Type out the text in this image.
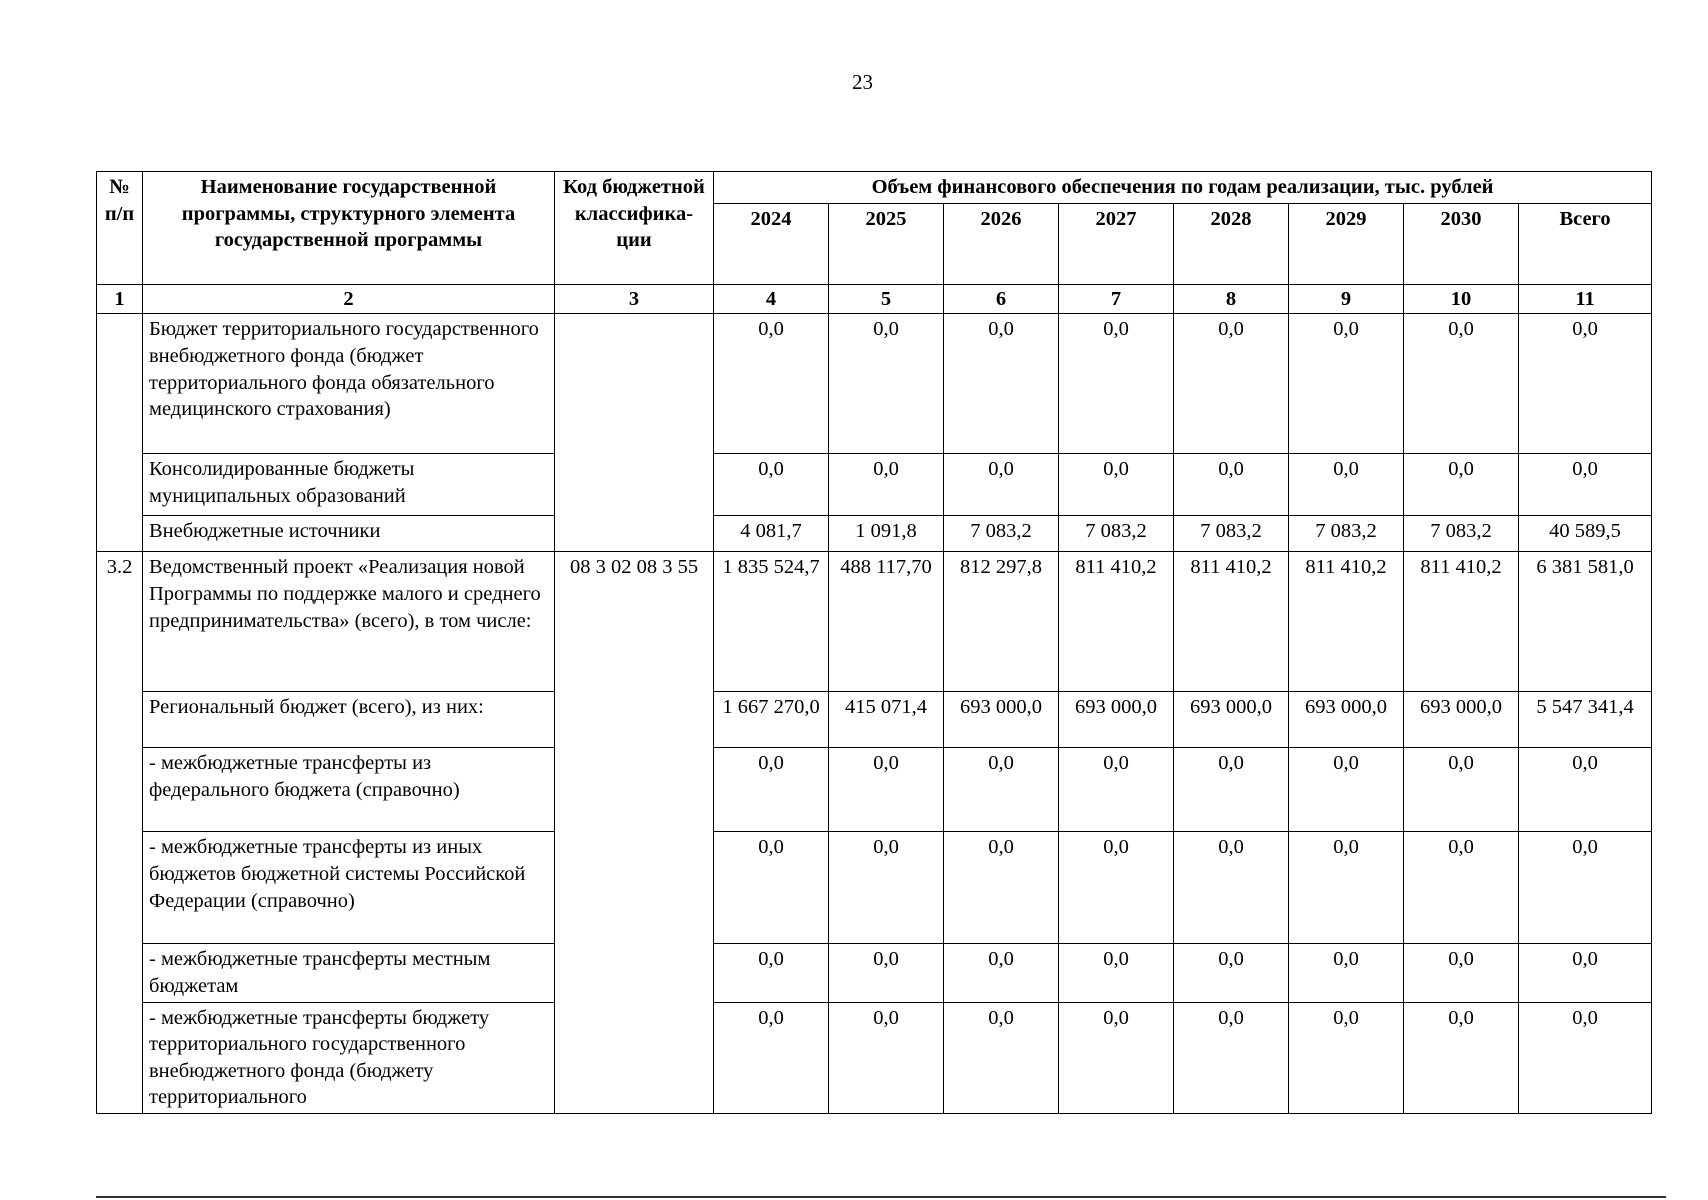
23
№ п/п	Наименование государственной программы, структурного элемента государственной программы	Код бюджетной классифика-ции	Объем финансового обеспечения по годам реализации, тыс. рублей							
			2024	2025	2026	2027	2028	2029	2030	Всего
1	2	3	4	5	6	7	8	9	10	11
	Бюджет территориального государственного внебюджетного фонда (бюджет территориального фонда обязательного медицинского страхования)		0,0	0,0	0,0	0,0	0,0	0,0	0,0	0,0
	Консолидированные бюджеты муниципальных образований		0,0	0,0	0,0	0,0	0,0	0,0	0,0	0,0
	Внебюджетные источники		4 081,7	1 091,8	7 083,2	7 083,2	7 083,2	7 083,2	7 083,2	40 589,5
3.2	Ведомственный проект «Реализация новой Программы по поддержке малого и среднего предпринимательства» (всего), в том числе:	08 3 02 08 3 55	1 835 524,7	488 117,70	812 297,8	811 410,2	811 410,2	811 410,2	811 410,2	6 381 581,0
	Региональный бюджет (всего), из них:		1 667 270,0	415 071,4	693 000,0	693 000,0	693 000,0	693 000,0	693 000,0	5 547 341,4
	- межбюджетные трансферты из федерального бюджета (справочно)		0,0	0,0	0,0	0,0	0,0	0,0	0,0	0,0
	- межбюджетные трансферты из иных бюджетов бюджетной системы Российской Федерации (справочно)		0,0	0,0	0,0	0,0	0,0	0,0	0,0	0,0
	- межбюджетные трансферты местным бюджетам		0,0	0,0	0,0	0,0	0,0	0,0	0,0	0,0
	- межбюджетные трансферты бюджету территориального государственного внебюджетного фонда (бюджету территориального		0,0	0,0	0,0	0,0	0,0	0,0	0,0	0,0
